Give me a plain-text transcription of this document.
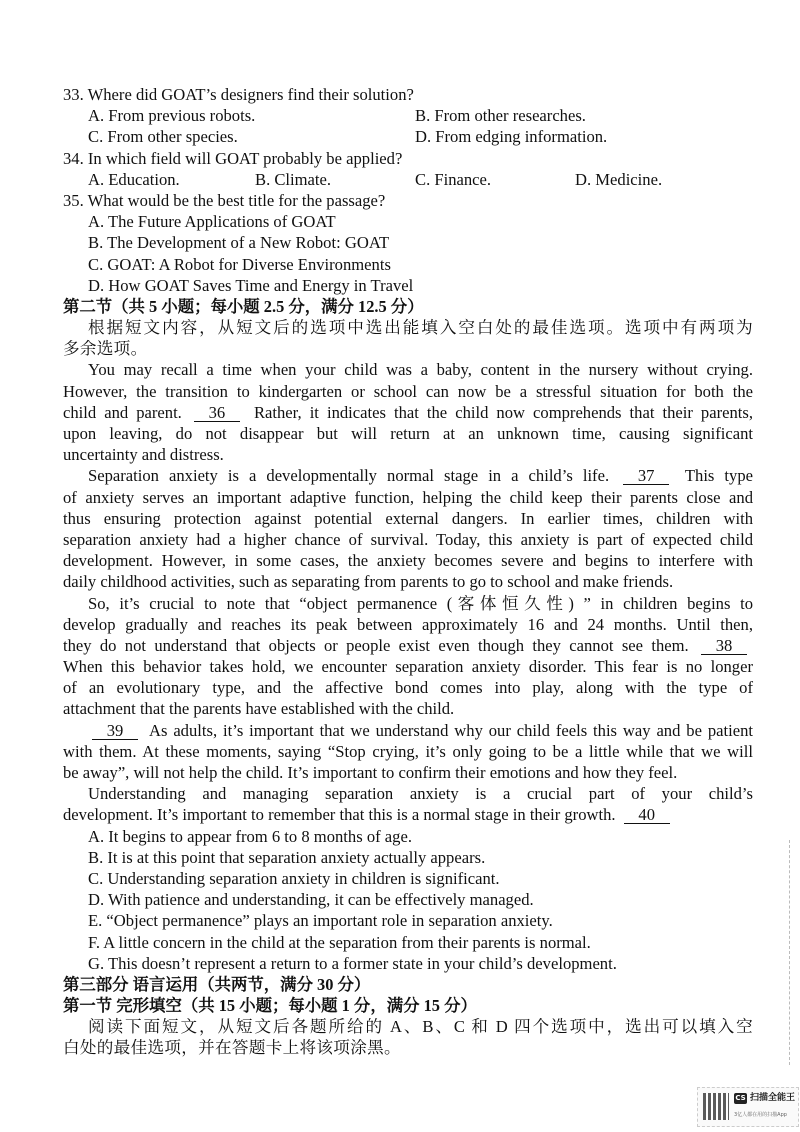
33. Where did GOAT’s designers find their solution?
A. From previous robots.	B. From other researches.
C. From other species.	D. From edging information.
34. In which field will GOAT probably be applied?
A. Education.	B. Climate.	C. Finance.	D. Medicine.
35. What would be the best title for the passage?
A. The Future Applications of GOAT
B. The Development of a New Robot: GOAT
C. GOAT: A Robot for Diverse Environments
D. How GOAT Saves Time and Energy in Travel
第二节（共 5 小题；每小题 2.5 分，满分 12.5 分）
根据短文内容，从短文后的选项中选出能填入空白处的最佳选项。选项中有两项为
多余选项。
You may recall a time when your child was a baby, content in the nursery without crying.
However, the transition to kindergarten or school can now be a stressful situation for both the
child and parent. 36 Rather, it indicates that the child now comprehends that their parents,
upon leaving, do not disappear but will return at an unknown time, causing significant
uncertainty and distress.
Separation anxiety is a developmentally normal stage in a child’s life. 37 This type
of anxiety serves an important adaptive function, helping the child keep their parents close and
thus ensuring protection against potential external dangers. In earlier times, children with
separation anxiety had a higher chance of survival. Today, this anxiety is part of expected child
development. However, in some cases, the anxiety becomes severe and begins to interfere with
daily childhood activities, such as separating from parents to go to school and make friends.
So, it’s crucial to note that “object permanence (客体恒久性) ” in children begins to
develop gradually and reaches its peak between approximately 16 and 24 months. Until then,
they do not understand that objects or people exist even though they cannot see them. 38
When this behavior takes hold, we encounter separation anxiety disorder. This fear is no longer
of an evolutionary type, and the affective bond comes into play, along with the type of
attachment that the parents have established with the child.
39 As adults, it’s important that we understand why our child feels this way and be patient
with them. At these moments, saying “Stop crying, it’s only going to be a little while that we will
be away”, will not help the child. It’s important to confirm their emotions and how they feel.
Understanding and managing separation anxiety is a crucial part of your child’s
development. It’s important to remember that this is a normal stage in their growth. 40
A. It begins to appear from 6 to 8 months of age.
B. It is at this point that separation anxiety actually appears.
C. Understanding separation anxiety in children is significant.
D. With patience and understanding, it can be effectively managed.
E. “Object permanence” plays an important role in separation anxiety.
F. A little concern in the child at the separation from their parents is normal.
G. This doesn’t represent a return to a former state in your child’s development.
第三部分 语言运用（共两节，满分 30 分）
第一节 完形填空（共 15 小题；每小题 1 分，满分 15 分）
阅读下面短文，从短文后各题所给的 A、B、C 和 D 四个选项中，选出可以填入空
白处的最佳选项，并在答题卡上将该项涂黑。
CS 扫描全能王
3亿人都在用的扫描App
